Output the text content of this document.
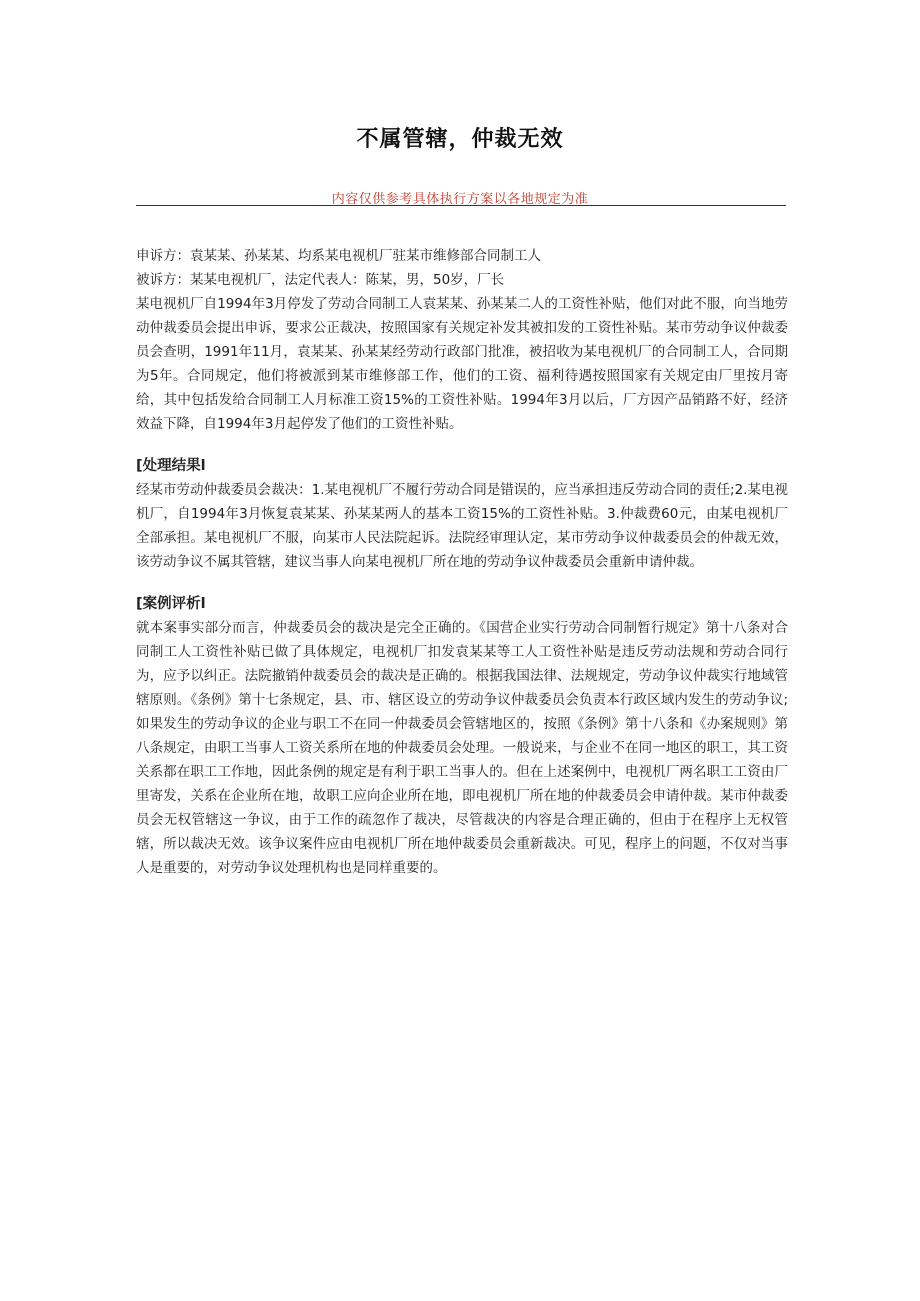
不属管辖，仲裁无效
内容仅供参考具体执行方案以各地规定为准

申诉方：袁某某、孙某某、均系某电视机厂驻某市维修部合同制工人

被诉方：某某电视机厂，法定代表人：陈某，男，50岁，厂长

某电视机厂自1994年3月停发了劳动合同制工人袁某某、孙某某二人的工资性补贴，他们对此不服，向当地劳动仲裁委员会提出申诉，要求公正裁决，按照国家有关规定补发其被扣发的工资性补贴。某市劳动争议仲裁委员会查明，1991年11月，袁某某、孙某某经劳动行政部门批准，被招收为某电视机厂的合同制工人，合同期为5年。合同规定，他们将被派到某市维修部工作，他们的工资、福利待遇按照国家有关规定由厂里按月寄给，其中包括发给合同制工人月标准工资15%的工资性补贴。1994年3月以后，厂方因产品销路不好，经济效益下降，自1994年3月起停发了他们的工资性补贴。

[处理结果l

经某市劳动仲裁委员会裁决：1.某电视机厂不履行劳动合同是错误的，应当承担违反劳动合同的责任;2.某电视机厂，自1994年3月恢复袁某某、孙某某两人的基本工资15%的工资性补贴。3.仲裁费60元，由某电视机厂全部承担。某电视机厂不服，向某市人民法院起诉。法院经审理认定，某市劳动争议仲裁委员会的仲裁无效，该劳动争议不属其管辖，建议当事人向某电视机厂所在地的劳动争议仲裁委员会重新申请仲裁。

[案例评析l

就本案事实部分而言，仲裁委员会的裁决是完全正确的。《国营企业实行劳动合同制暂行规定》第十八条对合同制工人工资性补贴已做了具体规定，电视机厂扣发袁某某等工人工资性补贴是违反劳动法规和劳动合同行为，应予以纠正。法院撤销仲裁委员会的裁决是正确的。根据我国法律、法规规定，劳动争议仲裁实行地域管辖原则。《条例》第十七条规定，县、市、辖区设立的劳动争议仲裁委员会负责本行政区域内发生的劳动争议;如果发生的劳动争议的企业与职工不在同一仲裁委员会管辖地区的，按照《条例》第十八条和《办案规则》第八条规定，由职工当事人工资关系所在地的仲裁委员会处理。一般说来，与企业不在同一地区的职工，其工资关系都在职工工作地，因此条例的规定是有利于职工当事人的。但在上述案例中，电视机厂两名职工工资由厂里寄发，关系在企业所在地，故职工应向企业所在地，即电视机厂所在地的仲裁委员会申请仲裁。某市仲裁委员会无权管辖这一争议，由于工作的疏忽作了裁决，尽管裁决的内容是合理正确的，但由于在程序上无权管辖，所以裁决无效。该争议案件应由电视机厂所在地仲裁委员会重新裁决。可见，程序上的问题，不仅对当事人是重要的，对劳动争议处理机构也是同样重要的。
